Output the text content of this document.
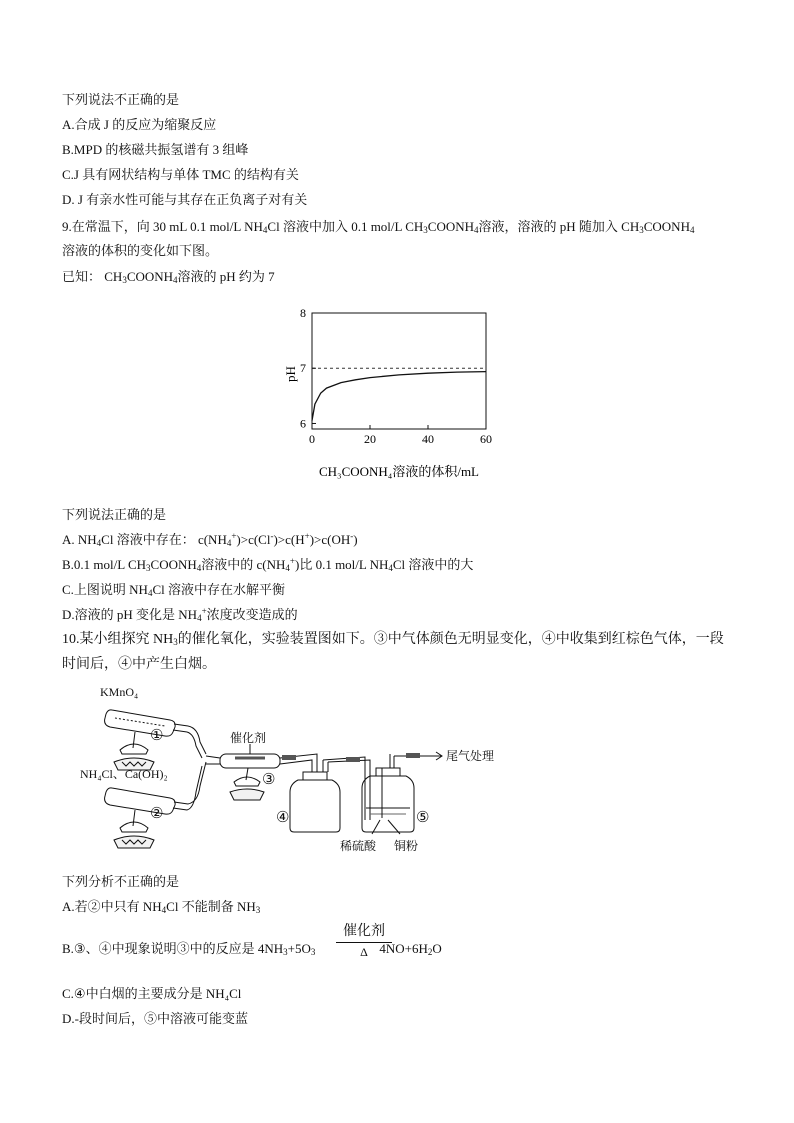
下列说法不正确的是
A.合成 J 的反应为缩聚反应
B.MPD 的核磁共振氢谱有 3 组峰
C.J 具有网状结构与单体 TMC 的结构有关
D. J 有亲水性可能与其存在正负离子对有关
9.在常温下，向 30 mL 0.1 mol/L $NH_4Cl$ 溶液中加入 0.1 mol/L $CH_3COONH_4$溶液，溶液的 pH 随加入 $CH_3COONH_4$
溶液的体积的变化如下图。
已知： $CH_3COONH_4$溶液的 pH 约为 7
0	20	40	60
6
7
8
pH
CH₃COONH₄溶液的体积/mL
下列说法正确的是
A. $NH_4Cl$ 溶液中存在： $c(NH_4^+)>c(Cl^-)>c(H^+)>c(OH^-)$
B.0.1 mol/L $CH_3COONH_4$溶液中的 $c(NH_4^+)$比 0.1 mol/L $NH_4Cl$ 溶液中的大
C.上图说明 $NH_4Cl$ 溶液中存在水解平衡
D.溶液的 pH 变化是 $NH_4^+$浓度改变造成的
10.某小组探究 $NH_3$的催化氧化，实验装置图如下。③中气体颜色无明显变化，④中收集到红棕色气体，一段
时间后，④中产生白烟。
KMnO₄
①
NH₄Cl、Ca(OH)₂
②
催化剂
③
④
尾气处理
⑤
稀硫酸 铜粉
下列分析不正确的是
A.若②中只有 $NH_4Cl$ 不能制备 $NH_3$
B.③、④中现象说明③中的反应是 $4NH_3+5O_3$	$4NO+6H_2O$
催化剂
Δ
C.④中白烟的主要成分是 NH₄Cl
D.-段时间后，⑤中溶液可能变蓝
